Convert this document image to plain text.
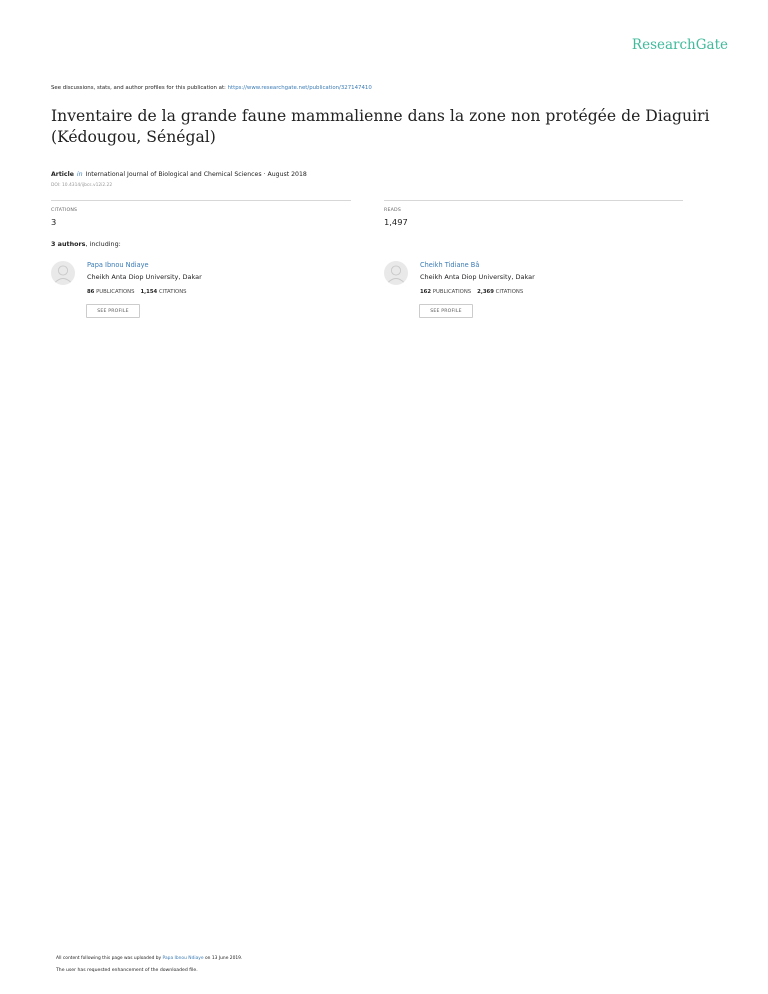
ResearchGate
See discussions, stats, and author profiles for this publication at: https://www.researchgate.net/publication/327147410
Inventaire de la grande faune mammalienne dans la zone non protégée de Diaguiri (Kédougou, Sénégal)
Article in International Journal of Biological and Chemical Sciences · August 2018
DOI: 10.4314/ijbcs.v12i2.22
CITATIONS
3
READS
1,497
3 authors, including:
Papa Ibnou Ndiaye
Cheikh Anta Diop University, Dakar
86 PUBLICATIONS 1,154 CITATIONS
SEE PROFILE
Cheikh Tidiane Bâ
Cheikh Anta Diop University, Dakar
162 PUBLICATIONS 2,369 CITATIONS
SEE PROFILE
All content following this page was uploaded by Papa Ibnou Ndiaye on 13 June 2019.
The user has requested enhancement of the downloaded file.
